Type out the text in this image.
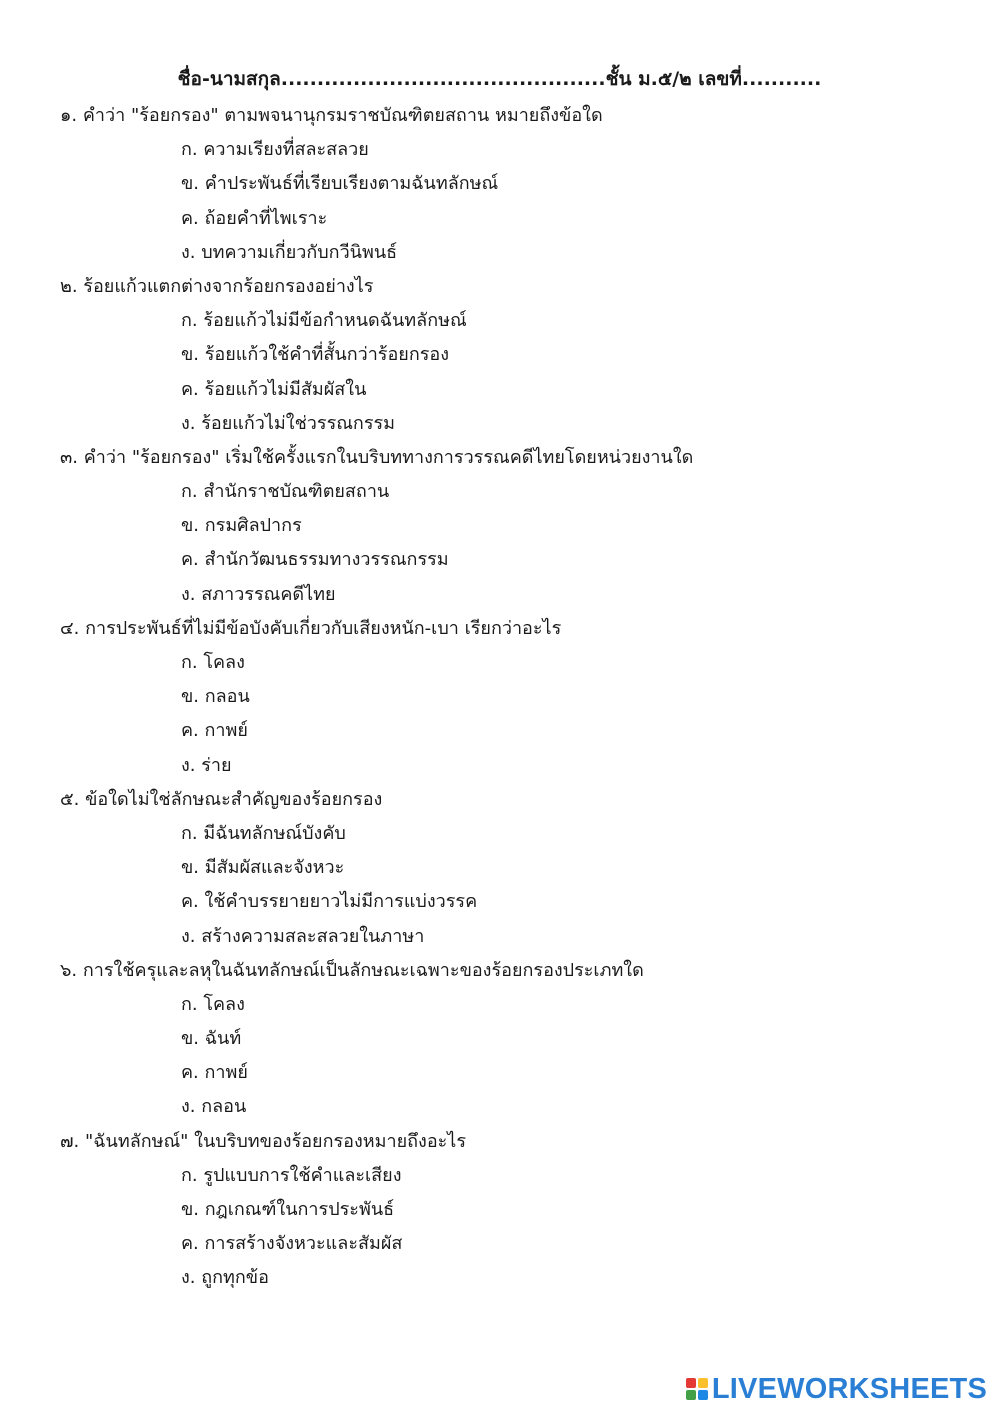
ชื่อ-นามสกุล.............................................ชั้น ม.๕/๒ เลขที่...........
๑. คำว่า "ร้อยกรอง" ตามพจนานุกรมราชบัณฑิตยสถาน หมายถึงข้อใด
ก. ความเรียงที่สละสลวย
ข. คำประพันธ์ที่เรียบเรียงตามฉันทลักษณ์
ค. ถ้อยคำที่ไพเราะ
ง. บทความเกี่ยวกับกวีนิพนธ์
๒. ร้อยแก้วแตกต่างจากร้อยกรองอย่างไร
ก. ร้อยแก้วไม่มีข้อกำหนดฉันทลักษณ์
ข. ร้อยแก้วใช้คำที่สั้นกว่าร้อยกรอง
ค. ร้อยแก้วไม่มีสัมผัสใน
ง. ร้อยแก้วไม่ใช่วรรณกรรม
๓. คำว่า "ร้อยกรอง" เริ่มใช้ครั้งแรกในบริบททางการวรรณคดีไทยโดยหน่วยงานใด
ก. สำนักราชบัณฑิตยสถาน
ข. กรมศิลปากร
ค. สำนักวัฒนธรรมทางวรรณกรรม
ง. สภาวรรณคดีไทย
๔. การประพันธ์ที่ไม่มีข้อบังคับเกี่ยวกับเสียงหนัก-เบา เรียกว่าอะไร
ก. โคลง
ข. กลอน
ค. กาพย์
ง. ร่าย
๕. ข้อใดไม่ใช่ลักษณะสำคัญของร้อยกรอง
ก. มีฉันทลักษณ์บังคับ
ข. มีสัมผัสและจังหวะ
ค. ใช้คำบรรยายยาวไม่มีการแบ่งวรรค
ง. สร้างความสละสลวยในภาษา
๖. การใช้ครุและลหุในฉันทลักษณ์เป็นลักษณะเฉพาะของร้อยกรองประเภทใด
ก. โคลง
ข. ฉันท์
ค. กาพย์
ง. กลอน
๗. "ฉันทลักษณ์" ในบริบทของร้อยกรองหมายถึงอะไร
ก. รูปแบบการใช้คำและเสียง
ข. กฎเกณฑ์ในการประพันธ์
ค. การสร้างจังหวะและสัมผัส
ง. ถูกทุกข้อ
LIVEWORKSHEETS
